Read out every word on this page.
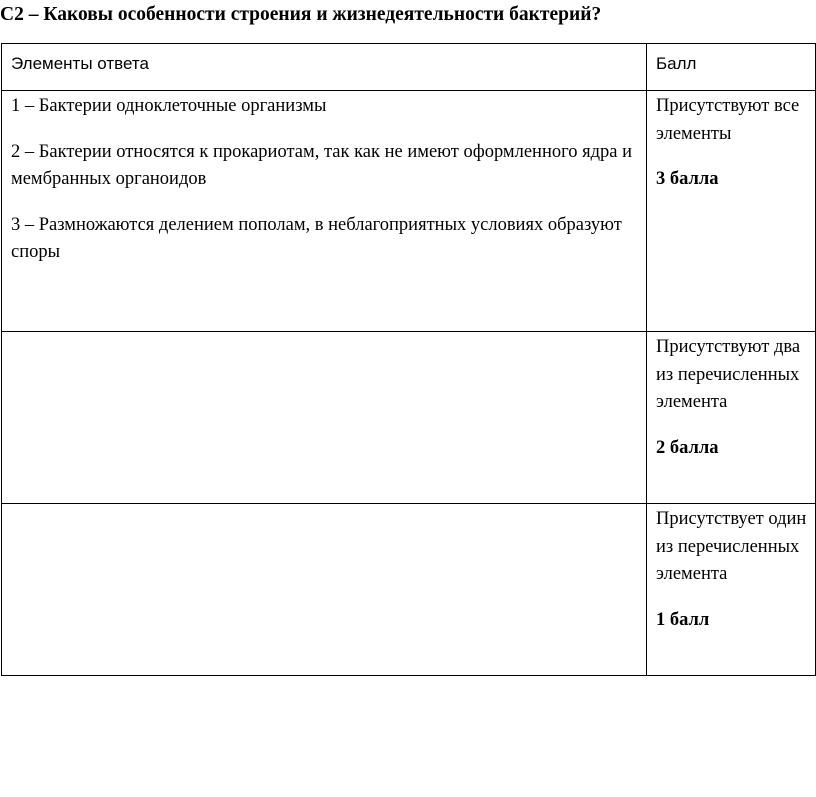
С2 – Каковы особенности строения и жизнедеятельности бактерий?
Элементы ответа	Балл

1 – Бактерии одноклеточные организмы
2 – Бактерии относятся к прокариотам, так как не имеют оформленного ядра и мембранных органоидов
3 – Размножаются делением пополам, в неблагоприятных условиях образуют споры	Присутствуют все элементы
3 балла

	Присутствуют два из перечисленных элемента
2 балла

	Присутствует один из перечисленных элемента
1 балл
